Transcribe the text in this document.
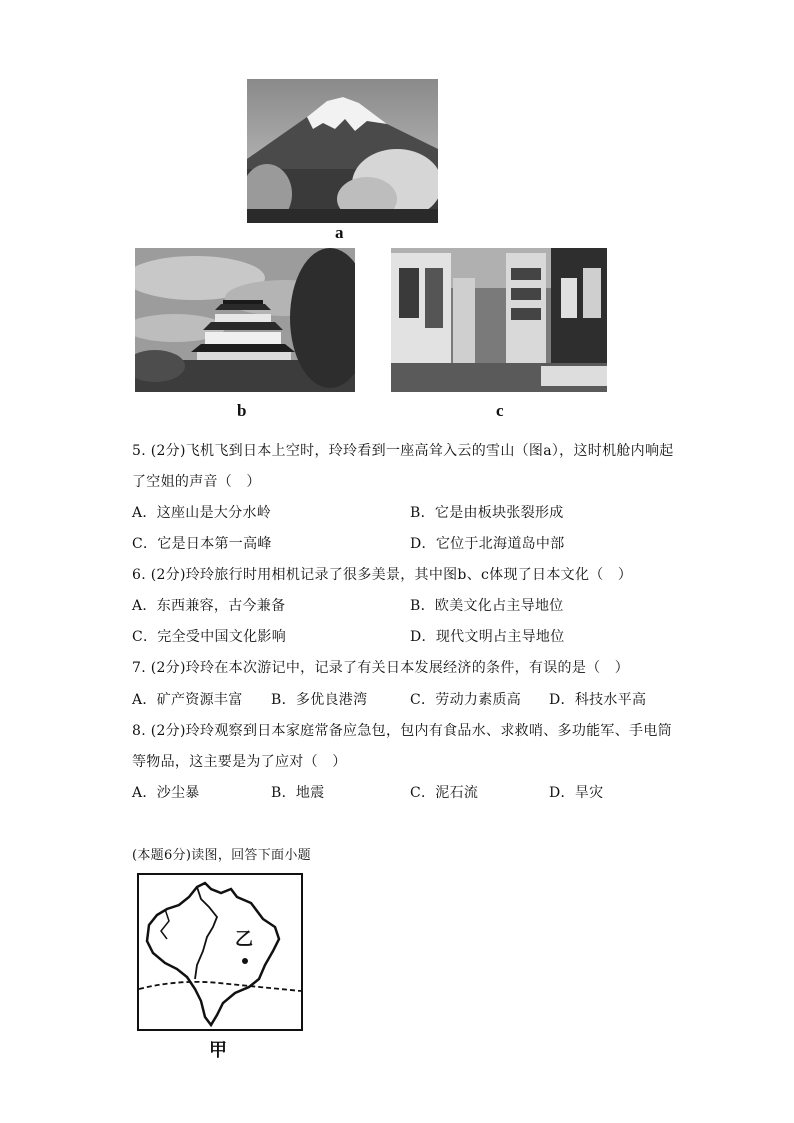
a
b	c
5. (2分)飞机飞到日本上空时，玲玲看到一座高耸入云的雪山（图a），这时机舱内响起
了空姐的声音（　）
A．这座山是大分水岭	B．它是由板块张裂形成
C．它是日本第一高峰	D．它位于北海道岛中部
6. (2分)玲玲旅行时用相机记录了很多美景，其中图b、c体现了日本文化（　）
A．东西兼容，古今兼备	B．欧美文化占主导地位
C．完全受中国文化影响	D．现代文明占主导地位
7. (2分)玲玲在本次游记中，记录了有关日本发展经济的条件，有误的是（　）
A．矿产资源丰富 B．多优良港湾	C．劳动力素质高 D．科技水平高
8. (2分)玲玲观察到日本家庭常备应急包，包内有食品水、求救哨、多功能军、手电筒
等物品，这主要是为了应对（　）
A．沙尘暴	B．地震	C．泥石流	D．旱灾
(本题6分)读图，回答下面小题
乙
甲
